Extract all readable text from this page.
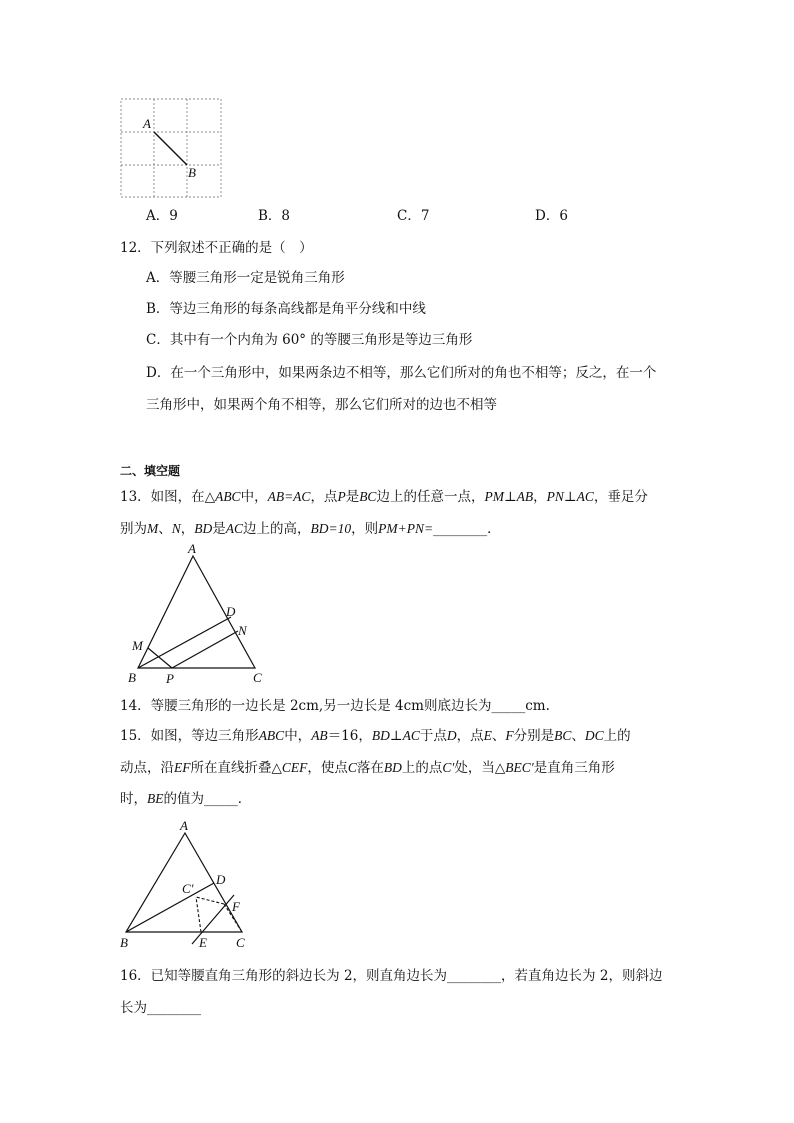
A
B
A．9	B．8	C．7	D．6
12．下列叙述不正确的是（　）
A．等腰三角形一定是锐角三角形
B．等边三角形的每条高线都是角平分线和中线
C．其中有一个内角为 60° 的等腰三角形是等边三角形
D．在一个三角形中，如果两条边不相等，那么它们所对的角也不相等；反之，在一个
三角形中，如果两个角不相等，那么它们所对的边也不相等
二、填空题
13．如图，在△ABC中，AB=AC，点P是BC边上的任意一点，PM⊥AB，PN⊥AC，垂足分
别为M、N，BD是AC边上的高，BD=10，则PM+PN=________．
A
B	C
D
M
N
P
14．等腰三角形的一边长是 2cm,另一边长是 4cm则底边长为_____cm.
15．如图，等边三角形ABC中，AB＝16，BD⊥AC于点D，点E、F分别是BC、DC上的
动点，沿EF所在直线折叠△CEF，使点C落在BD上的点C′处，当△BEC′是直角三角形
时，BE的值为_____．
A
B	C
D
E
F
C′
16．已知等腰直角三角形的斜边长为 2，则直角边长为________，若直角边长为 2，则斜边
长为________
